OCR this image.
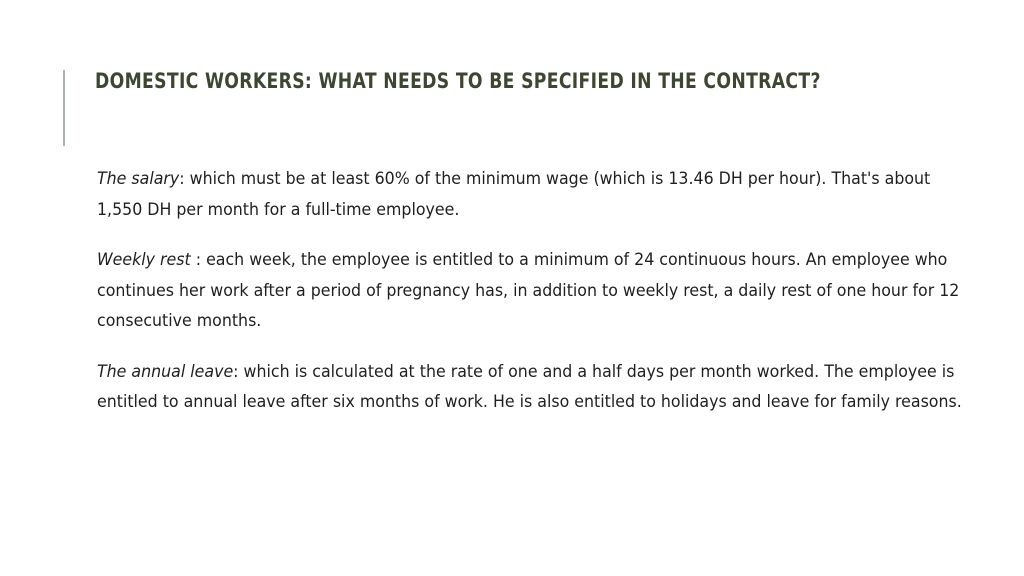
DOMESTIC WORKERS: WHAT NEEDS TO BE SPECIFIED IN THE CONTRACT?

The salary: which must be at least 60% of the minimum wage (which is 13.46 DH per hour). That's about 1,550 DH per month for a full-time employee.

Weekly rest : each week, the employee is entitled to a minimum of 24 continuous hours. An employee who continues her work after a period of pregnancy has, in addition to weekly rest, a daily rest of one hour for 12 consecutive months.

The annual leave: which is calculated at the rate of one and a half days per month worked. The employee is entitled to annual leave after six months of work. He is also entitled to holidays and leave for family reasons.
